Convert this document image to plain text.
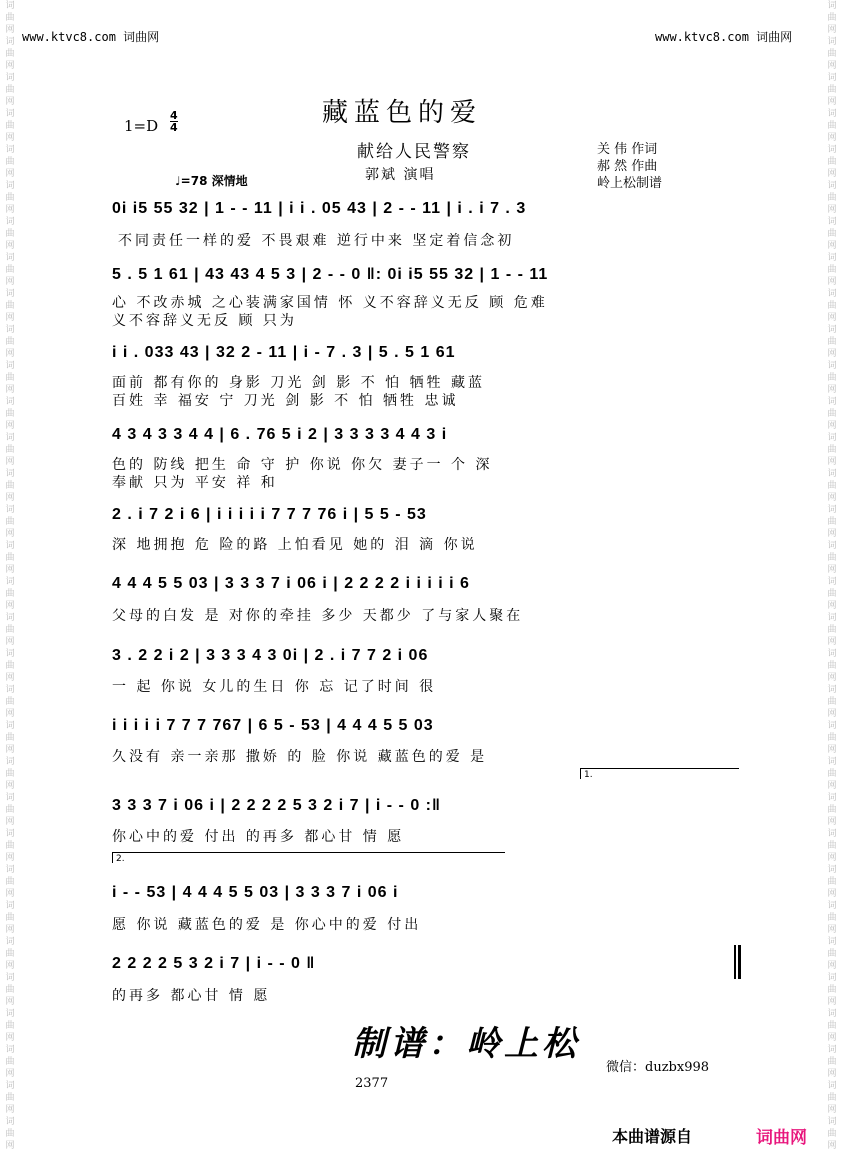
词曲网 词曲网 词曲网 词曲网 词曲网 词曲网 词曲网 词曲网 词曲网 词曲网 词曲网 词曲网 词曲网 词曲网 词曲网 词曲网 词曲网 词曲网 词曲网 词曲网 词曲网 词曲网 词曲网 词曲网 词曲网 词曲网 词曲网 词曲网 词曲网 词曲网 词曲网 词曲网
词曲网 词曲网 词曲网 词曲网 词曲网 词曲网 词曲网 词曲网 词曲网 词曲网 词曲网 词曲网 词曲网 词曲网 词曲网 词曲网 词曲网 词曲网 词曲网 词曲网 词曲网 词曲网 词曲网 词曲网 词曲网 词曲网 词曲网 词曲网 词曲网 词曲网 词曲网 词曲网
www.ktvc8.com 词曲网	www.ktvc8.com 词曲网
藏蓝色的爱
1=D
4
4
献给人民警察
郭斌 演唱
♩=78 深情地
关 伟 作词
郝 然 作曲
岭上松制谱
0i i5 55 32 | 1 - - 11 | i i . 05 43 | 2 - - 11 | i . i 7 . 3
不同责任一样的爱 不畏艰难 逆行中来 坚定着信念初
5 . 5 1 61 | 43 43 4 5 3 | 2 - - 0 ‖: 0i i5 55 32 | 1 - - 11
心 不改赤城 之心装满家国情 怀 义不容辞义无反 顾 危难
义不容辞义无反 顾 只为
i i . 033 43 | 32 2 - 11 | i - 7 . 3 | 5 . 5 1 61
面前 都有你的 身影 刀光 剑 影 不 怕 牺牲 藏蓝
百姓 幸 福安 宁 刀光 剑 影 不 怕 牺牲 忠诚
4 3 4 3 3 4 4 | 6 . 76 5 i 2 | 3 3 3 3 4 4 3 i
色的 防线 把生 命 守 护 你说 你欠 妻子一 个 深
奉献 只为 平安 祥 和
2 . i 7 2 i 6 | i i i i i 7 7 7 76 i | 5 5 - 53
深 地拥抱 危 险的路 上怕看见 她的 泪 滴 你说
4 4 4 5 5 03 | 3 3 3 7 i 06 i | 2 2 2 2 i i i i i 6
父母的白发 是 对你的牵挂 多少 天都少 了与家人聚在
3 . 2 2 i 2 | 3 3 3 4 3 0i | 2 . i 7 7 2 i 06
一 起 你说 女儿的生日 你 忘 记了时间 很
i i i i i 7 7 7 767 | 6 5 - 53 | 4 4 4 5 5 03
久没有 亲一亲那 撒娇 的 脸 你说 藏蓝色的爱 是
1.
3 3 3 7 i 06 i | 2 2 2 2 5 3 2 i 7 | i - - 0 :‖
你心中的爱 付出 的再多 都心甘 情 愿
2.
i - - 53 | 4 4 4 5 5 03 | 3 3 3 7 i 06 i
愿 你说 藏蓝色的爱 是 你心中的爱 付出
2 2 2 2 5 3 2 i 7 | i - - 0 ‖
的再多 都心甘 情 愿
制谱：岭上松
微信：duzbx998
2377
本曲谱源自	词曲网
